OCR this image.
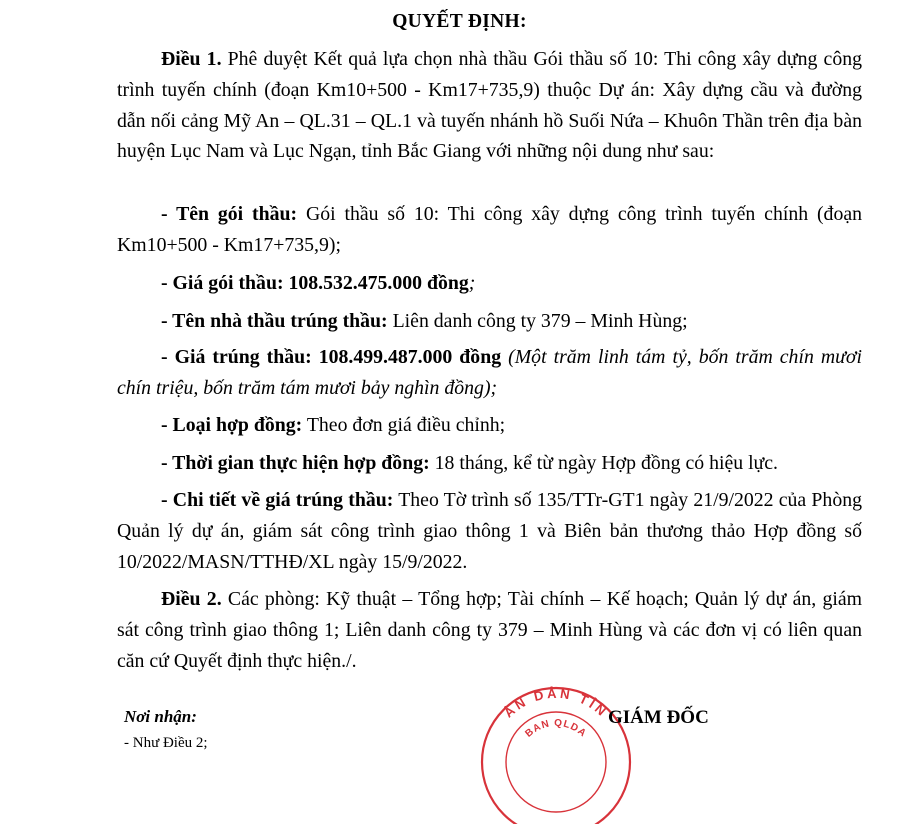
QUYẾT ĐỊNH:

Điều 1. Phê duyệt Kết quả lựa chọn nhà thầu Gói thầu số 10: Thi công xây dựng công trình tuyến chính (đoạn Km10+500 - Km17+735,9) thuộc Dự án: Xây dựng cầu và đường dẫn nối cảng Mỹ An – QL.31 – QL.1 và tuyến nhánh hồ Suối Nứa – Khuôn Thần trên địa bàn huyện Lục Nam và Lục Ngạn, tỉnh Bắc Giang với những nội dung như sau:

- Tên gói thầu: Gói thầu số 10: Thi công xây dựng công trình tuyến chính (đoạn Km10+500 - Km17+735,9);

- Giá gói thầu: 108.532.475.000 đồng;

- Tên nhà thầu trúng thầu: Liên danh công ty 379 – Minh Hùng;

- Giá trúng thầu: 108.499.487.000 đồng (Một trăm linh tám tỷ, bốn trăm chín mươi chín triệu, bốn trăm tám mươi bảy nghìn đồng);

- Loại hợp đồng: Theo đơn giá điều chỉnh;

- Thời gian thực hiện hợp đồng: 18 tháng, kể từ ngày Hợp đồng có hiệu lực.

- Chi tiết về giá trúng thầu: Theo Tờ trình số 135/TTr-GT1 ngày 21/9/2022 của Phòng Quản lý dự án, giám sát công trình giao thông 1 và Biên bản thương thảo Hợp đồng số 10/2022/MASN/TTHĐ/XL ngày 15/9/2022.

Điều 2. Các phòng: Kỹ thuật – Tổng hợp; Tài chính – Kế hoạch; Quản lý dự án, giám sát công trình giao thông 1; Liên danh công ty 379 – Minh Hùng và các đơn vị có liên quan căn cứ Quyết định thực hiện./.

Nơi nhận:
- Như Điều 2;
ÂN DÂN TỈN
BAN QLDA
GIÁM ĐỐC
